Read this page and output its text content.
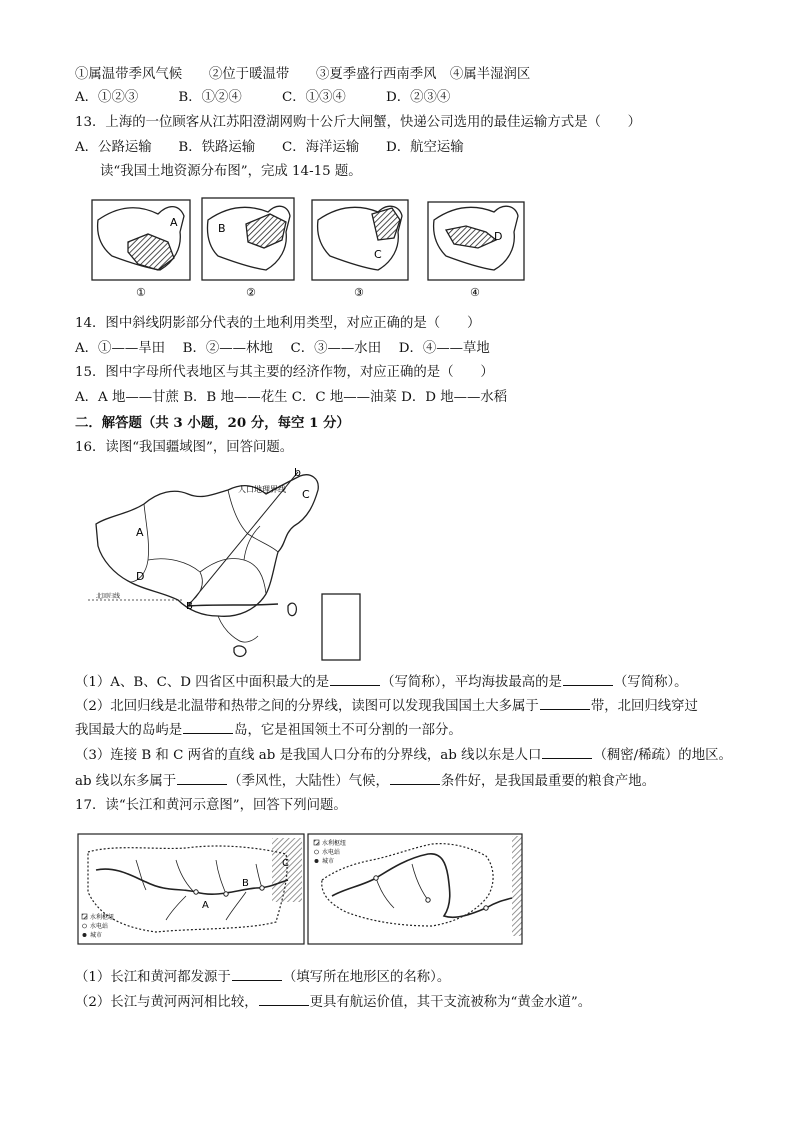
①属温带季风气候　　②位于暖温带　　③夏季盛行西南季风　④属半湿润区
A．①②③　　　B．①②④　　　C．①③④　　　D．②③④
13．上海的一位顾客从江苏阳澄湖网购十公斤大闸蟹，快递公司选用的最佳运输方式是（　　）
A．公路运输　　B．铁路运输　　C．海洋运输　　D．航空运输
读“我国土地资源分布图”，完成 14-15 题。
A
①
B
②
C
③
D
④
14．图中斜线阴影部分代表的土地利用类型，对应正确的是（　　）
A．①——旱田　 B．②——林地　 C．③——水田　 D．④——草地
15．图中字母所代表地区与其主要的经济作物，对应正确的是（　　）
A．A 地——甘蔗 B．B 地——花生 C．C 地——油菜 D．D 地——水稻
二．解答题（共 3 小题，20 分，每空 1 分）
16．读图“我国疆域图”，回答问题。
A
D
b
C
B
人口地理界线
北回归线
（1）A、B、C、D 四省区中面积最大的是	（写简称），平均海拔最高的是	（写简称）。
（2）北回归线是北温带和热带之间的分界线，读图可以发现我国国土大多属于	带，北回归线穿过
我国最大的岛屿是	岛，它是祖国领土不可分割的一部分。
（3）连接 B 和 C 两省的直线 ab 是我国人口分布的分界线，ab 线以东是人口	（稠密/稀疏）的地区。
ab 线以东多属于	（季风性，大陆性）气候，	条件好，是我国最重要的粮食产地。
17．读“长江和黄河示意图”，回答下列问题。
A
B
C
水利枢纽
水电站
城市
水利枢纽
水电站
城市
（1）长江和黄河都发源于	（填写所在地形区的名称）。
（2）长江与黄河两河相比较，	更具有航运价值，其干支流被称为“黄金水道”。
